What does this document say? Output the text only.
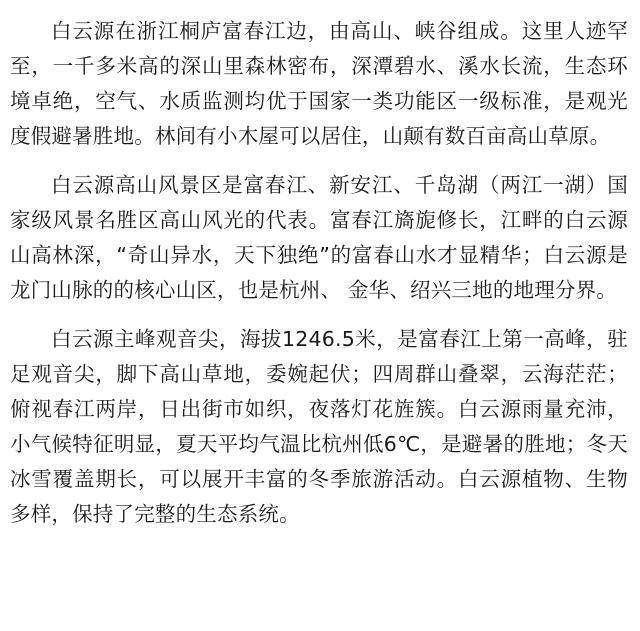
白云源在浙江桐庐富春江边，由高山、峡谷组成。这里人迹罕至，一千多米高的深山里森林密布，深潭碧水、溪水长流，生态环境卓绝，空气、水质监测均优于国家一类功能区一级标准，是观光度假避暑胜地。林间有小木屋可以居住，山颠有数百亩高山草原。

白云源高山风景区是富春江、新安江、千岛湖（两江一湖）国家级风景名胜区高山风光的代表。富春江旖旎修长，江畔的白云源山高林深，“奇山异水，天下独绝”的富春山水才显精华；白云源是龙门山脉的的核心山区，也是杭州、 金华、绍兴三地的地理分界。

白云源主峰观音尖，海拔1246.5米，是富春江上第一高峰，驻足观音尖，脚下高山草地，委婉起伏；四周群山叠翠，云海茫茫；俯视春江两岸，日出街市如织，夜落灯花旌簇。白云源雨量充沛，小气候特征明显，夏天平均气温比杭州低6℃，是避暑的胜地；冬天冰雪覆盖期长，可以展开丰富的冬季旅游活动。白云源植物、生物多样，保持了完整的生态系统。
